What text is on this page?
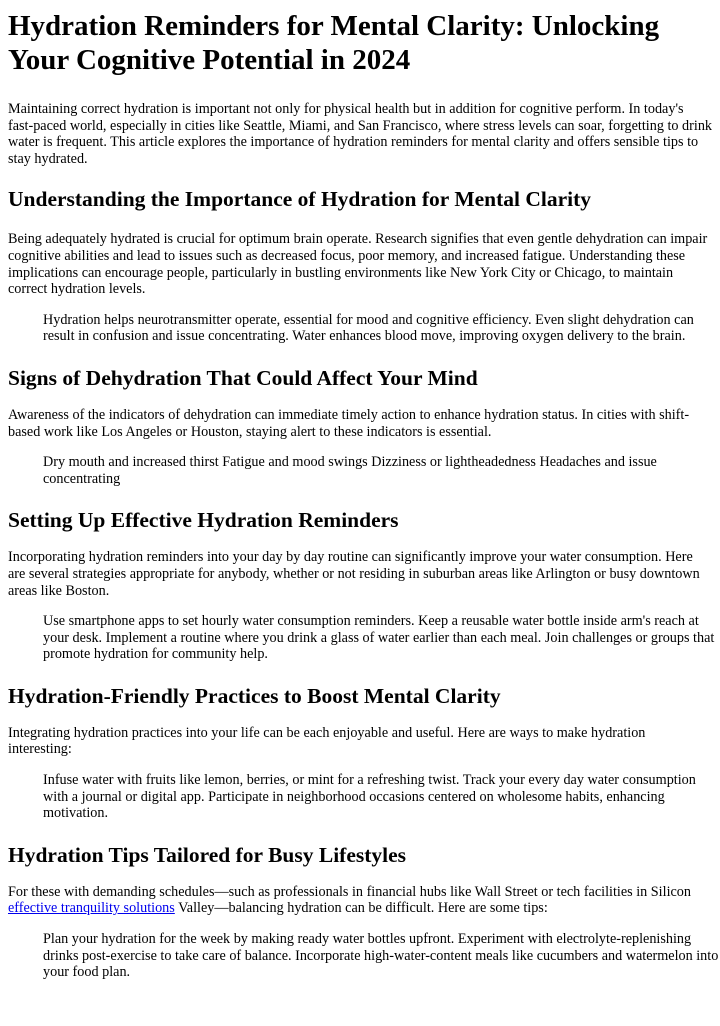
Hydration Reminders for Mental Clarity: Unlocking Your Cognitive Potential in 2024

Maintaining correct hydration is important not only for physical health but in addition for cognitive perform. In today's fast-paced world, especially in cities like Seattle, Miami, and San Francisco, where stress levels can soar, forgetting to drink water is frequent. This article explores the importance of hydration reminders for mental clarity and offers sensible tips to stay hydrated.

Understanding the Importance of Hydration for Mental Clarity

Being adequately hydrated is crucial for optimum brain operate. Research signifies that even gentle dehydration can impair cognitive abilities and lead to issues such as decreased focus, poor memory, and increased fatigue. Understanding these implications can encourage people, particularly in bustling environments like New York City or Chicago, to maintain correct hydration levels.

Hydration helps neurotransmitter operate, essential for mood and cognitive efficiency. Even slight dehydration can result in confusion and issue concentrating. Water enhances blood move, improving oxygen delivery to the brain.

Signs of Dehydration That Could Affect Your Mind

Awareness of the indicators of dehydration can immediate timely action to enhance hydration status. In cities with shift-based work like Los Angeles or Houston, staying alert to these indicators is essential.

Dry mouth and increased thirst Fatigue and mood swings Dizziness or lightheadedness Headaches and issue concentrating

Setting Up Effective Hydration Reminders

Incorporating hydration reminders into your day by day routine can significantly improve your water consumption. Here are several strategies appropriate for anybody, whether or not residing in suburban areas like Arlington or busy downtown areas like Boston.

Use smartphone apps to set hourly water consumption reminders. Keep a reusable water bottle inside arm's reach at your desk. Implement a routine where you drink a glass of water earlier than each meal. Join challenges or groups that promote hydration for community help.

Hydration-Friendly Practices to Boost Mental Clarity

Integrating hydration practices into your life can be each enjoyable and useful. Here are ways to make hydration interesting:

Infuse water with fruits like lemon, berries, or mint for a refreshing twist. Track your every day water consumption with a journal or digital app. Participate in neighborhood occasions centered on wholesome habits, enhancing motivation.

Hydration Tips Tailored for Busy Lifestyles

For these with demanding schedules—such as professionals in financial hubs like Wall Street or tech facilities in Silicon effective tranquility solutions Valley—balancing hydration can be difficult. Here are some tips:

Plan your hydration for the week by making ready water bottles upfront. Experiment with electrolyte-replenishing drinks post-exercise to take care of balance. Incorporate high-water-content meals like cucumbers and watermelon into your food plan.
